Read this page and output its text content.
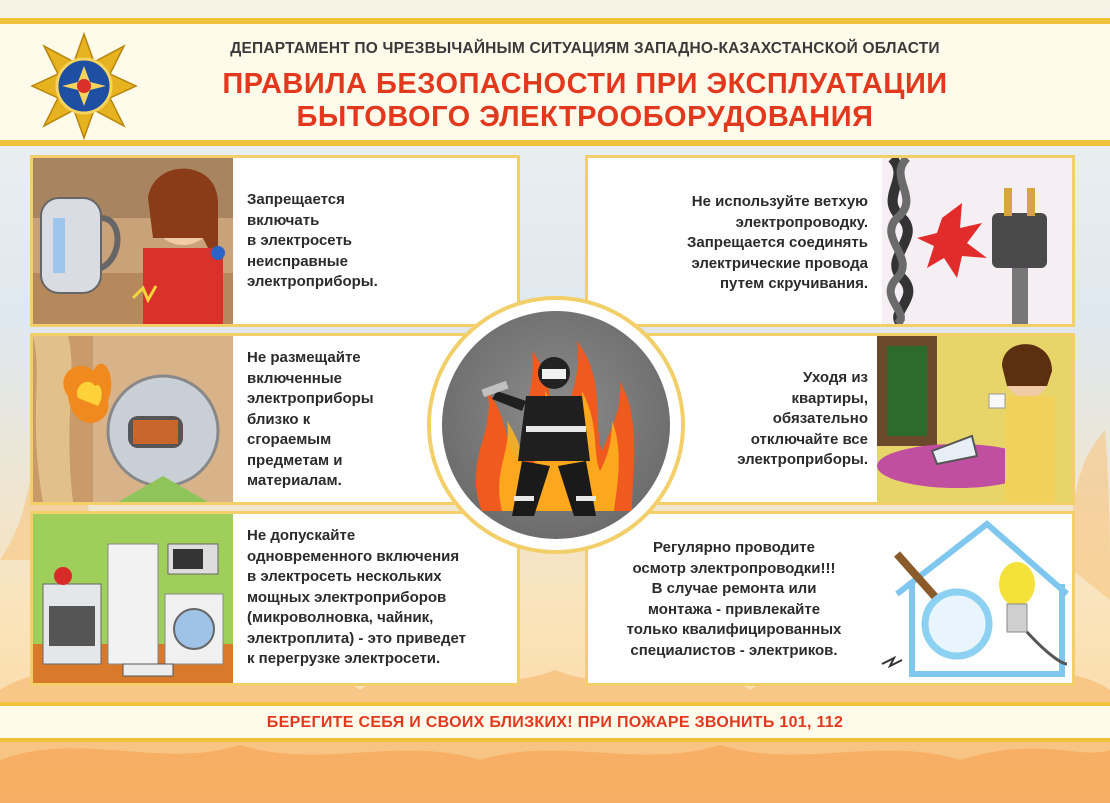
ДЕПАРТАМЕНТ ПО ЧРЕЗВЫЧАЙНЫМ СИТУАЦИЯМ ЗАПАДНО-КАЗАХСТАНСКОЙ ОБЛАСТИ
ПРАВИЛА БЕЗОПАСНОСТИ ПРИ ЭКСПЛУАТАЦИИ
БЫТОВОГО ЭЛЕКТРООБОРУДОВАНИЯ
Запрещается
включать
в электросеть
неисправные
электроприборы.
Не используйте ветхую
электропроводку.
Запрещается соединять
электрические провода
путем скручивания.
Не размещайте
включенные
электроприборы
близко к
сгораемым
предметам и
материалам.
Уходя из
квартиры,
обязательно
отключайте все
электроприборы.
Не допускайте
одновременного включения
в электросеть нескольких
мощных электроприборов
(микроволновка, чайник,
электроплита) - это приведет
к перегрузке электросети.
Регулярно проводите
осмотр электропроводки!!!
В случае ремонта или
монтажа - привлекайте
только квалифицированных
специалистов - электриков.
БЕРЕГИТЕ СЕБЯ И СВОИХ БЛИЗКИХ! ПРИ ПОЖАРЕ ЗВОНИТЬ 101, 112
